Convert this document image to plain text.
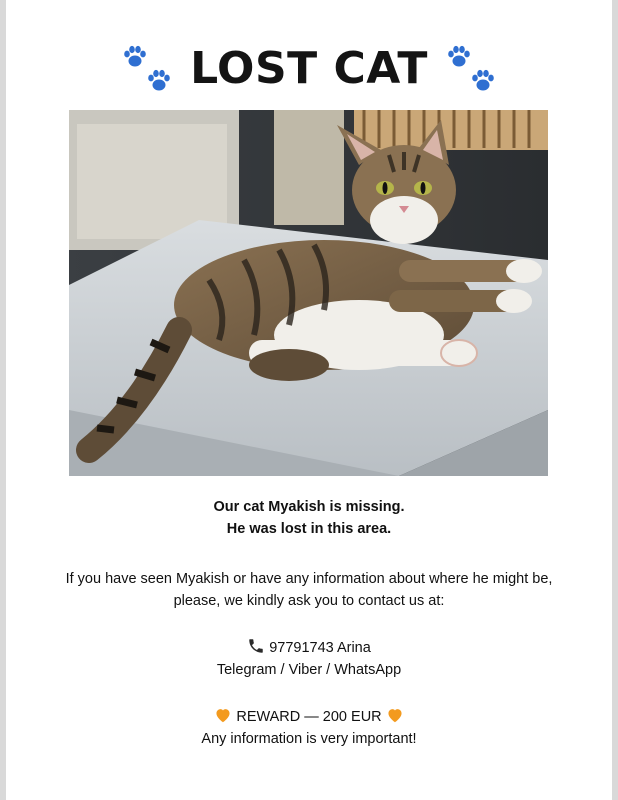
LOST CAT
Our cat Myakish is missing.
He was lost in this area.
If you have seen Myakish or have any information about where he might be,
please, we kindly ask you to contact us at:
97791743 Arina
Telegram / Viber / WhatsApp
REWARD — 200 EUR
Any information is very important!
